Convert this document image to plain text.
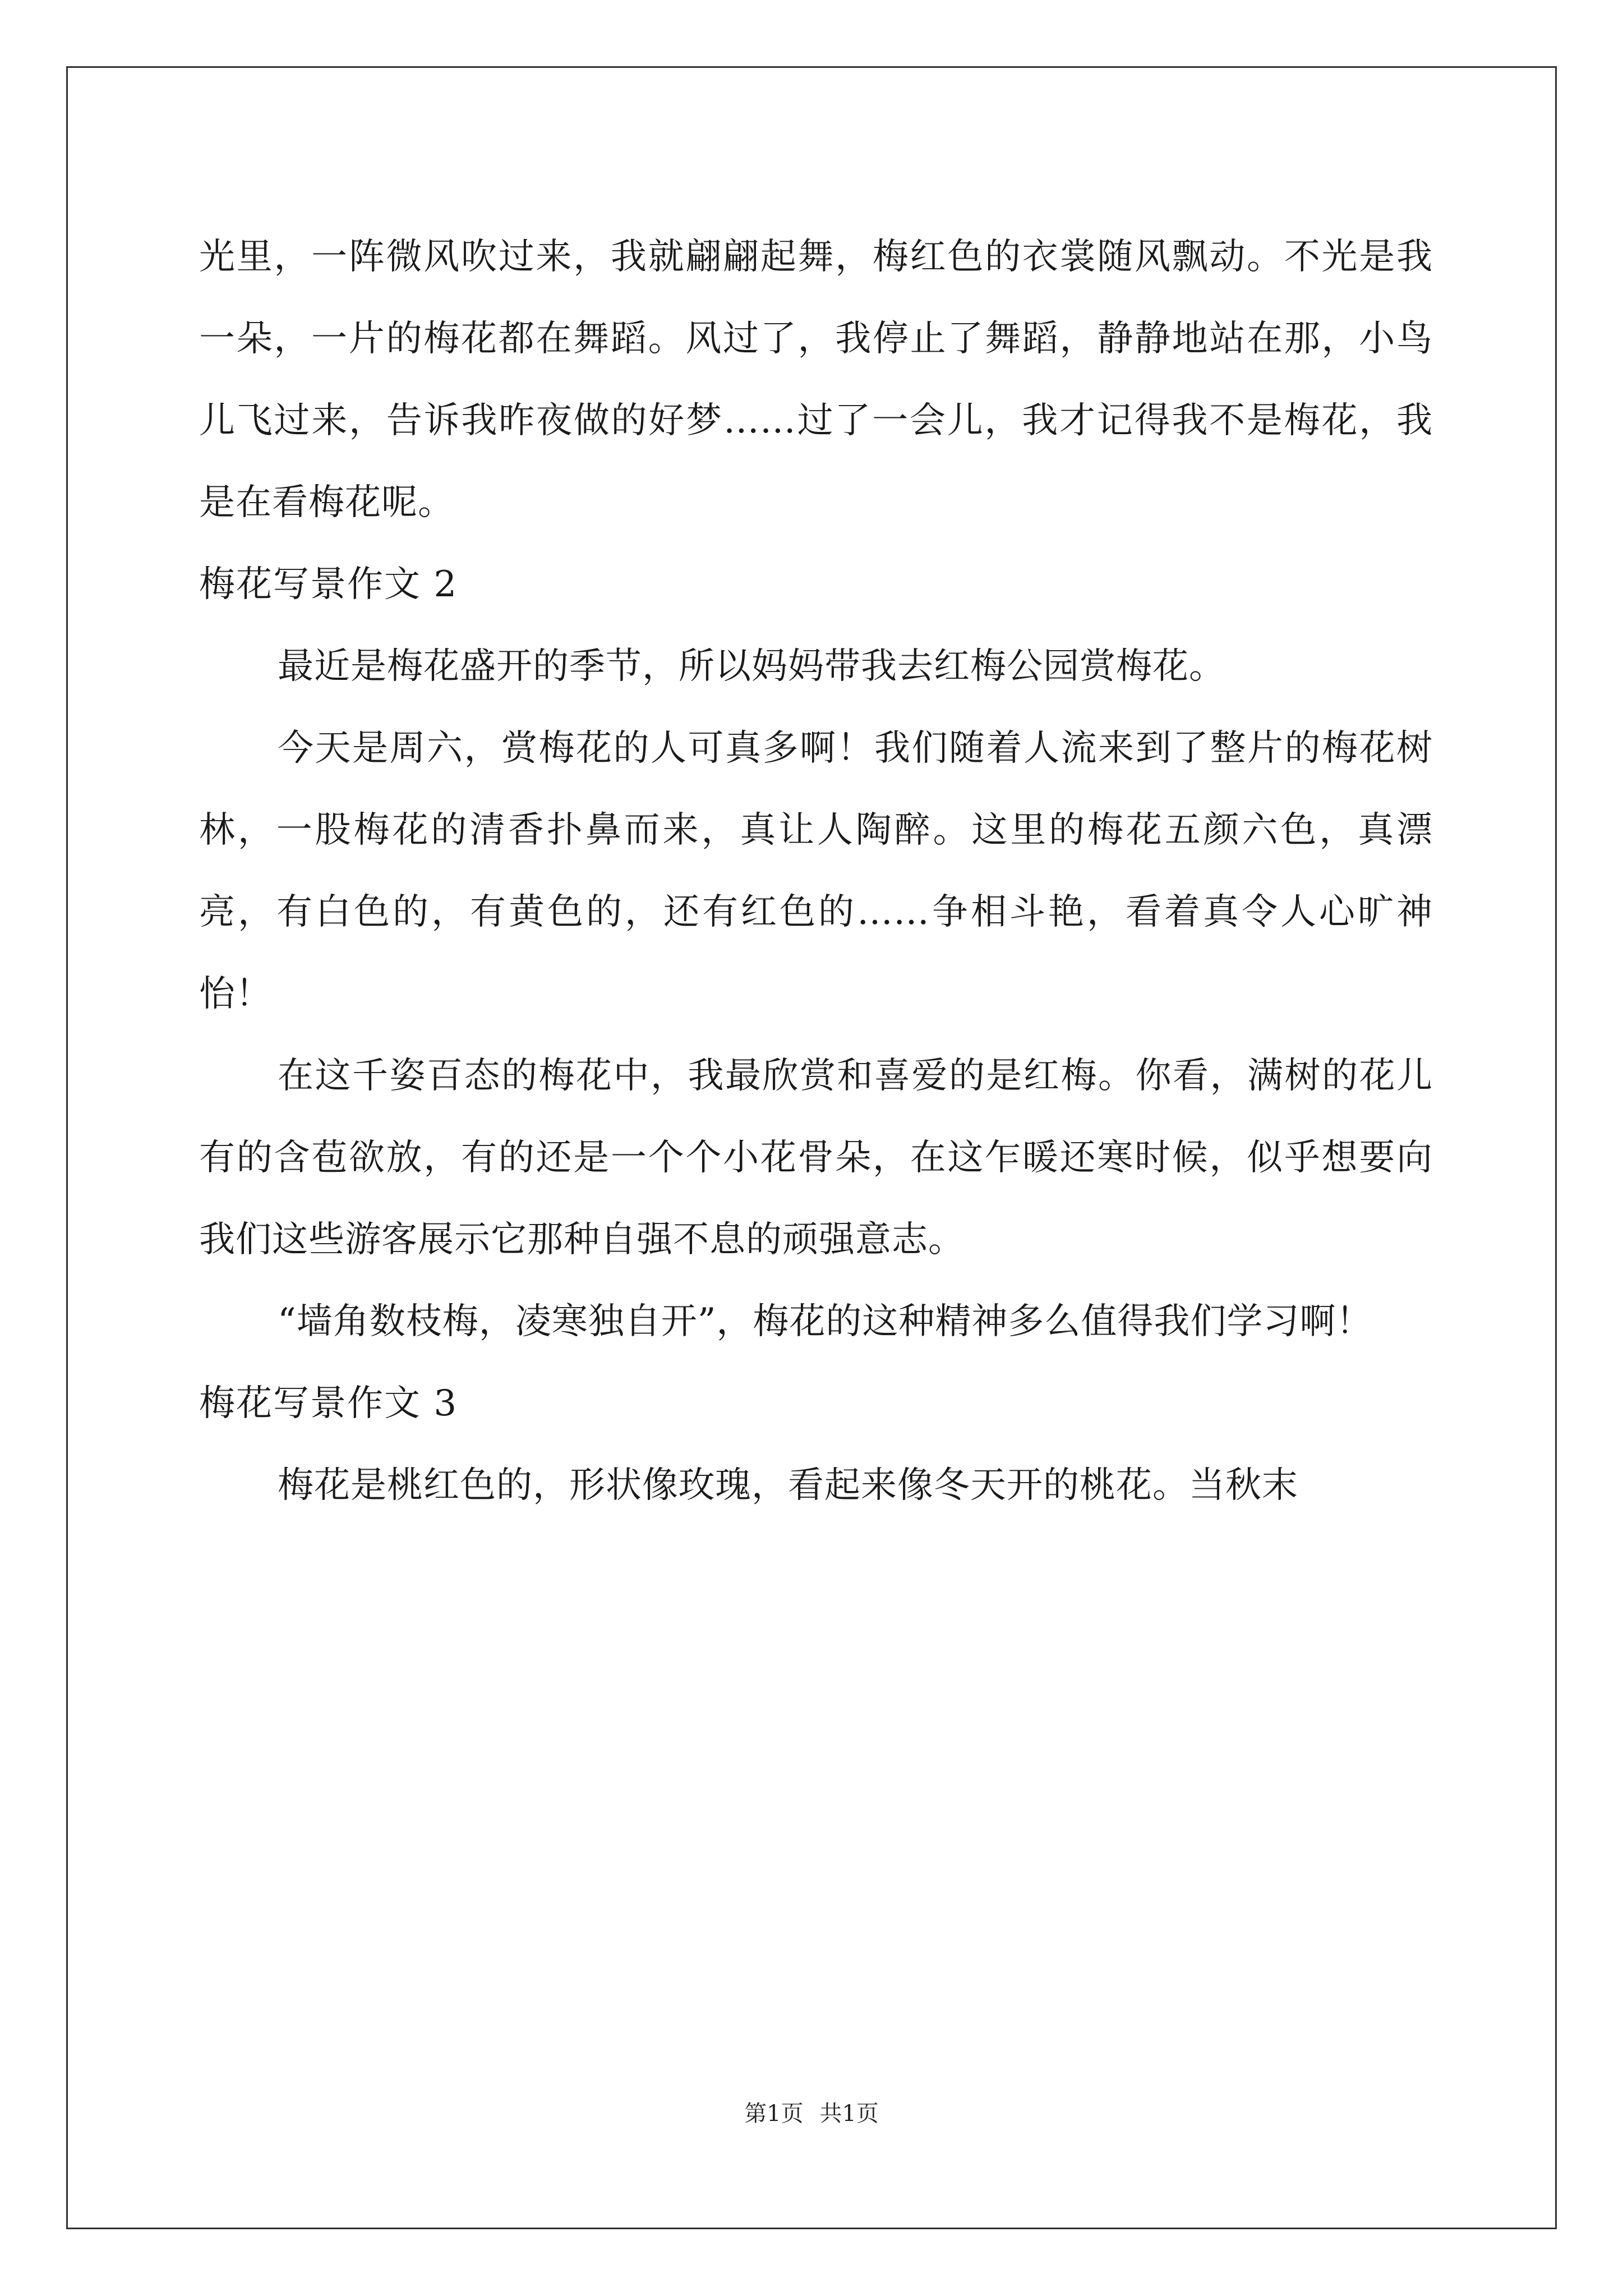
光里，一阵微风吹过来，我就翩翩起舞，梅红色的衣裳随风飘动。不光是我一朵，一片的梅花都在舞蹈。风过了，我停止了舞蹈，静静地站在那，小鸟儿飞过来，告诉我昨夜做的好梦……过了一会儿，我才记得我不是梅花，我是在看梅花呢。

梅花写景作文 2

最近是梅花盛开的季节，所以妈妈带我去红梅公园赏梅花。

今天是周六，赏梅花的人可真多啊！我们随着人流来到了整片的梅花树林，一股梅花的清香扑鼻而来，真让人陶醉。这里的梅花五颜六色，真漂亮，有白色的，有黄色的，还有红色的……争相斗艳，看着真令人心旷神怡！

在这千姿百态的梅花中，我最欣赏和喜爱的是红梅。你看，满树的花儿有的含苞欲放，有的还是一个个小花骨朵，在这乍暖还寒时候，似乎想要向我们这些游客展示它那种自强不息的顽强意志。

“墙角数枝梅，凌寒独自开”，梅花的这种精神多么值得我们学习啊！

梅花写景作文 3

梅花是桃红色的，形状像玫瑰，看起来像冬天开的桃花。当秋末

第1页 共1页
